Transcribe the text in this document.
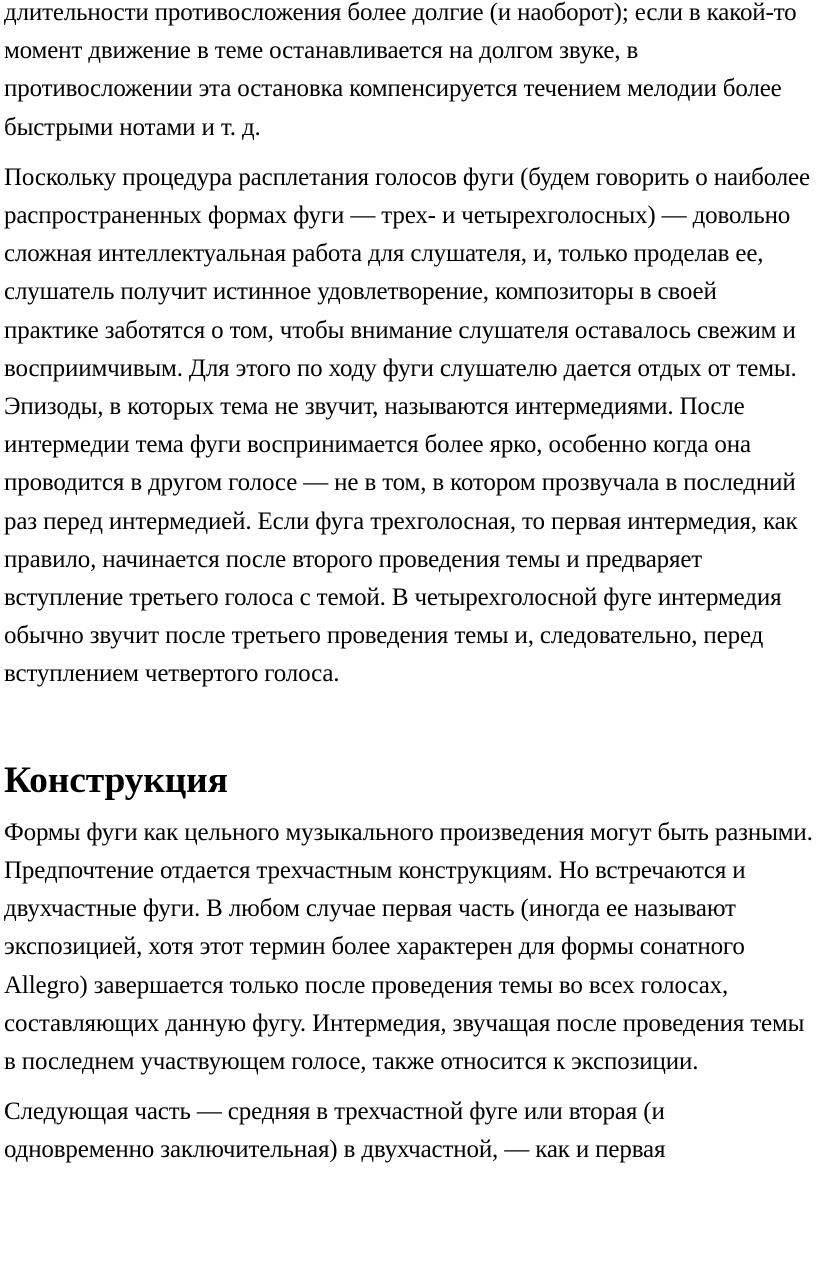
длительности противосложения более долгие (и наоборот); если в какой-то момент движение в теме останавливается на долгом звуке, в противосложении эта остановка компенсируется течением мелодии более быстрыми нотами и т. д.

Поскольку процедура расплетания голосов фуги (будем говорить о наиболее распространенных формах фуги — трех- и четырехголосных) — довольно сложная интеллектуальная работа для слушателя, и, только проделав ее, слушатель получит истинное удовлетворение, композиторы в своей практике заботятся о том, чтобы внимание слушателя оставалось свежим и восприимчивым. Для этого по ходу фуги слушателю дается отдых от темы. Эпизоды, в которых тема не звучит, называются интермедиями. После интермедии тема фуги воспринимается более ярко, особенно когда она проводится в другом голосе — не в том, в котором прозвучала в последний раз перед интермедией. Если фуга трехголосная, то первая интермедия, как правило, начинается после второго проведения темы и предваряет вступление третьего голоса с темой. В четырехголосной фуге интермедия обычно звучит после третьего проведения темы и, следовательно, перед вступлением четвертого голоса.

Конструкция

Формы фуги как цельного музыкального произведения могут быть разными. Предпочтение отдается трехчастным конструкциям. Но встречаются и двухчастные фуги. В любом случае первая часть (иногда ее называют экспозицией, хотя этот термин более характерен для формы сонатного Allegro) завершается только после проведения темы во всех голосах, составляющих данную фугу. Интермедия, звучащая после проведения темы в последнем участвующем голосе, также относится к экспозиции.

Следующая часть — средняя в трехчастной фуге или вторая (и одновременно заключительная) в двухчастной, — как и первая
